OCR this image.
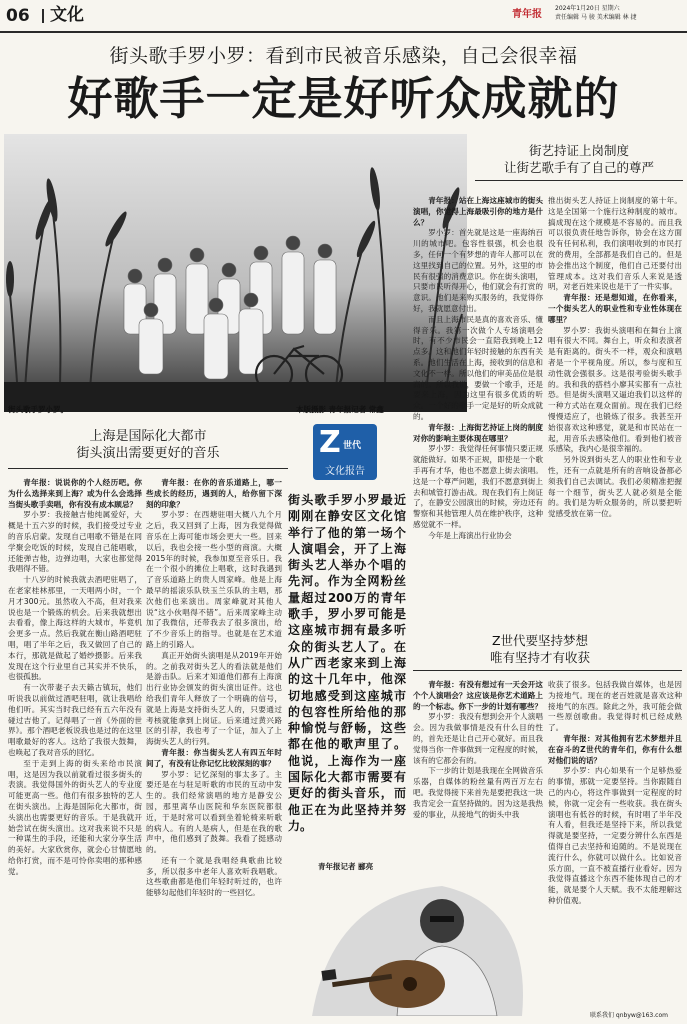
06 文化	青年报
2024年1月20日 星期六
责任编辑 马 骏 美术编辑 林 捷
街头歌手罗小罗：看到市民被音乐感染，自己会很幸福
好歌手一定是好听众成就的
街头歌手罗小罗。	本版摄影 青年报记者 常鑫
街艺持证上岗制度
让街艺歌手有了自己的尊严
上海是国际化大都市
街头演出需要更好的音乐	Z 世代
文化报告
街头歌手罗小罗最近刚刚在静安区文化馆举行了他的第一场个人演唱会，开了上海街头艺人举办个唱的先河。作为全网粉丝量超过200万的青年歌手，罗小罗可能是这座城市拥有最多听众的街头艺人了。在从广西老家来到上海的这十几年中，他深切地感受到这座城市的包容性所给他的那种愉悦与舒畅，这些都在他的歌声里了。他说，上海作为一座国际化大都市需要有更好的街头音乐，而他正在为此坚持并努力。
青年报记者 郦亮

青年报：说说你的个人经历吧。你为什么选择来到上海？或为什么会选择当街头歌手卖唱，你有没有成本顾忌？

罗小罗：我接触吉他纯属爱好，大概是十五六岁的时候，我们接受过专业的音乐启蒙。发现自己唱歌不错是在同学聚会吃饭的时候，发现自己能唱歌，还能弹吉他，边弹边唱，大家也都觉得我唱得不错。

十八岁的时候我就去酒吧驻唱了，在老家桂林那里，一天唱两小时，一个月才300元。虽然收入不高，但对我来说也是一个锻炼的机会。后来我就想出去看看，像上海这样的大城市，毕竟机会更多一点。然后我就在衡山路酒吧驻唱，唱了半年之后，我又做回了自己的本行，那就是做起了婚纱摄影。后来我发现在这个行业里自己其实并不快乐，也很孤独。

有一次带妻子去天籁古镇玩，他们听说我以前做过酒吧驻唱，就让我唱给他们听。其实当时我已经有五六年没有碰过吉他了。记得唱了一首《外面的世界》。那个酒吧老板说我也是过的在这里唱歌最好的客人。这给了我很大鼓舞，也唤起了我对音乐的回忆。

至于走到上海的街头来给市民演唱，这是因为我以前就看过很多街头的表演。我觉得国外的街头艺人的专业度可能更高一些。他们有很多独特的艺人在街头演出。上海是国际化大都市，街头演出也需要更好的音乐。于是我就开始尝试在街头演出。这对我来说不只是一种谋生的手段，还能和大家分享生活的美好。大家欣赏你，就会心甘情愿地给你打赏，而不是可怜你卖唱的那种感觉。

青年报：在你的音乐道路上，哪一些成长的经历，遇到的人，给你留下深刻的印象？

罗小罗：在西塘驻唱大概八九个月之后，我又回到了上海，因为我觉得做音乐在上海可能市场会更大一些。回来以后，我也会接一些小型的商演。大概2015年的时候，我参加夏至音乐日。我在一个很小的摊位上唱歌，这时我遇到了音乐道路上的贵人周家峰。他是上海最早的摇滚乐队铁玉兰乐队的主唱，那次他们也来演出。周家峰就对其他人说“这小伙唱得不错”。后来周家峰主动加了我微信，还带我去了很多演出，给了不少音乐上的指导。也就是在艺术道路上的引路人。

真正开始街头演唱是从2019年开始的。之前我对街头艺人的看法就是他们是游击队。后来才知道他们都有上海演出行业协会颁发的街头演出证件。这也给我们青年人释放了一个明确的信号，就是上海是支持街头艺人的，只要通过考核就能拿到上岗证。后来通过黄兴路区的引荐，我也考了一个证，加入了上海街头艺人的行列。

青年报：你当街头艺人有四五年时间了，有没有让你记忆比较深刻的事？

罗小罗：记忆深刻的事太多了。主要还是在与驻足听歌的市民的互动中发生的。我们经常演唱的地方是静安公园，那里离华山医院和华东医院都很近，于是时常可以看到坐着轮椅来听歌的病人。有的人是病人，但是在我的歌声中，他们感到了鼓舞。我看了挺感动的。

还有一个就是我唱经典歌曲比较多，所以很多中老年人喜欢听我唱歌。这些歌曲都是他们年轻时听过的，也许能够勾起他们年轻时的一些回忆。

青年报：站在上海这座城市的街头演唱，你觉得上海最吸引你的地方是什么？

罗小罗：首先就是这是一座海纳百川的城市吧。包容性很强，机会也很多，任何一个有梦想的青年人都可以在这里找到自己的位置。另外，这里的市民有很强的消费意识。你在街头演唱，只要市民听得开心，他们就会有打赏的意识。他们是来购买服务的，我觉得你好，我就愿意付出。

而且上海市民是真的喜欢音乐、懂得音乐。我第一次做个人专场演唱会时，有不少市民会一直陪我到晚上12点多。这和他们年轻时接触的东西有关系。他们生活在上海，接收到的信息和文化不一样。所以他们的审美品位是很高的。所以我说，要做一个歌手，还是要来上海，因为这里有很多优质的听众。一个好的歌手一定是好的听众成就的。

青年报：上海街艺持证上岗的制度对你的影响主要体现在哪里？

罗小罗：我觉得任何事情只要正规就能做好。如果不正规，即使是一个歌手再有才华，他也不愿意上街去演唱。这是一个尊严问题，我们不愿意到街上去和城管打游击战。现在我们有上岗证了，在静安公园演出的时候，旁边还有警察和其他管理人员在维护秩序，这种感觉就不一样。

今年是上海演出行业协会

推出街头艺人持证上岗制度的第十年。这是全国第一个施行这种制度的城市。搞成现在这个规模是不容易的。而且我可以很负责任地告诉你，协会在这方面没有任何私利，我们演唱收到的市民打赏的费用，全部都是我们自己的。但是协会推出这个制度，他们自己还要付出管理成本。这对我们音乐人来说是透明，对老百姓来说也是干了一件实事。

青年报：还是想知道，在你看来，一个街头艺人的职业性和专业性体现在哪里？

罗小罗：我街头演唱和在舞台上演唱有很大不同。舞台上，听众和表演者是有距离的。街头不一样，观众和演唱者是一个平视角度。所以，参与度和互动性就会强很多。这是很考验街头歌手的。我和我的搭档小廖其实都有一点社恐。但是街头演唱又逼迫我们以这样的一种方式站在观众面前。现在我们已经慢慢适应了，也锻炼了很多。我甚至开始很喜欢这种感觉，就是和市民站在一起，用音乐去感染他们。看到他们被音乐感染，我内心是很幸福的。

另外说到街头艺人的职业性和专业性，还有一点就是所有的音响设备都必须我们自己去调试。我们必须精准把握每一个细节，街头艺人就必须是全能的。我们是为听众服务的，所以要把听觉感受放在第一位。

Z世代要坚持梦想
唯有坚持才有收获

青年报：有没有想过有一天会开这个个人演唱会？这应该是你艺术道路上的一个标志。你下一步的计划有哪些？

罗小罗：我没有想到会开个人演唱会。因为我做事情是没有什么目的性的，首先还是让自己开心就好。而且我觉得当你一件事做到一定程度的时候，该有的它都会有的。

下一步的计划是我现在全网做音乐乐器，自媒体的粉丝量有两百万左右吧。我觉得接下来首先是要把我这一块我肯定会一直坚持做的。因为这是我热爱的事业，从接地气的街头中我

收获了很多。包括我做自媒体，也是因为接地气。现在的老百姓就是喜欢这种接地气的东西。除此之外，我可能会做一些原创歌曲。我觉得时机已经成熟了。

青年报：对其他拥有艺术梦想并且在奋斗的Z世代的青年们，你有什么想对他们说的话？

罗小罗：内心如果有一个足够热爱的事情，那就一定要坚持。当你跟随自己的内心，将这件事做到一定程度的时候，你就一定会有一些收获。我在街头演唱也有低谷的时候，有时唱了半年没有人看，但我还是坚持下来，所以我觉得就是要坚持，一定要分辨什么东西是值得自己去坚持和追随的。不是说现在流行什么，你就可以做什么。比如说音乐方面，一直不被直播行业看好。因为我觉得直播这个东西不能体现自己的才能，就是要个人天赋。我不太能理解这种价值观。

联系我们 qnbyw@163.com
